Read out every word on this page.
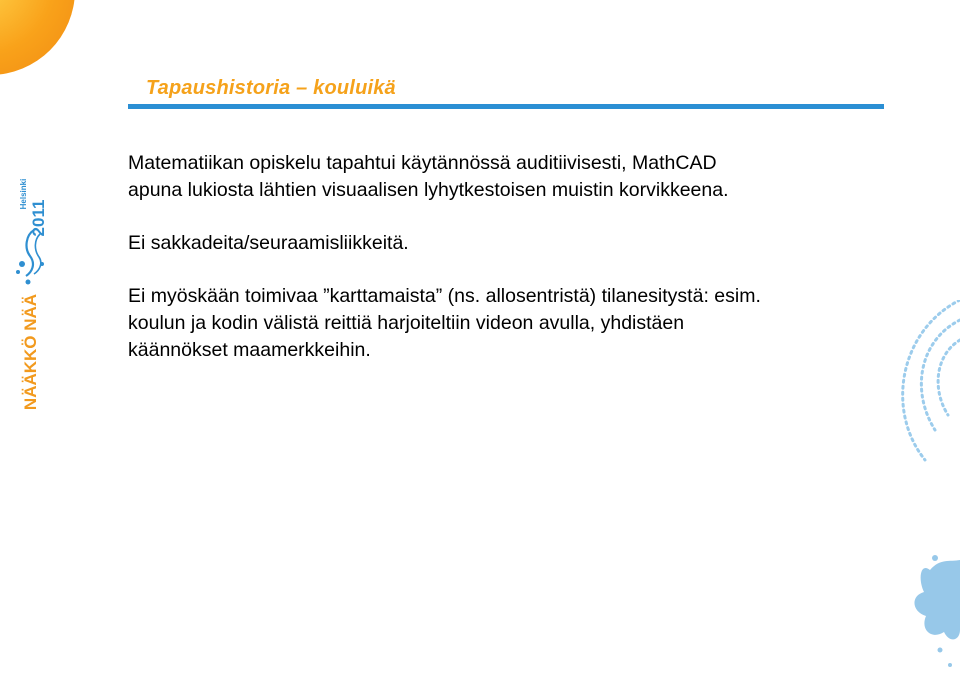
Tapaushistoria – kouluikä
2011
Helsinki
NÄÄKKÖ NÄÄ

Matematiikan opiskelu tapahtui käytännössä auditiivisesti, MathCAD apuna lukiosta lähtien visuaalisen lyhytkestoisen muistin korvikkeena.

Ei sakkadeita/seuraamisliikkeitä.

Ei myöskään toimivaa ”karttamaista” (ns. allosentristä) tilanesitystä: esim. koulun ja kodin välistä reittiä harjoiteltiin videon avulla, yhdistäen käännökset maamerkkeihin.
